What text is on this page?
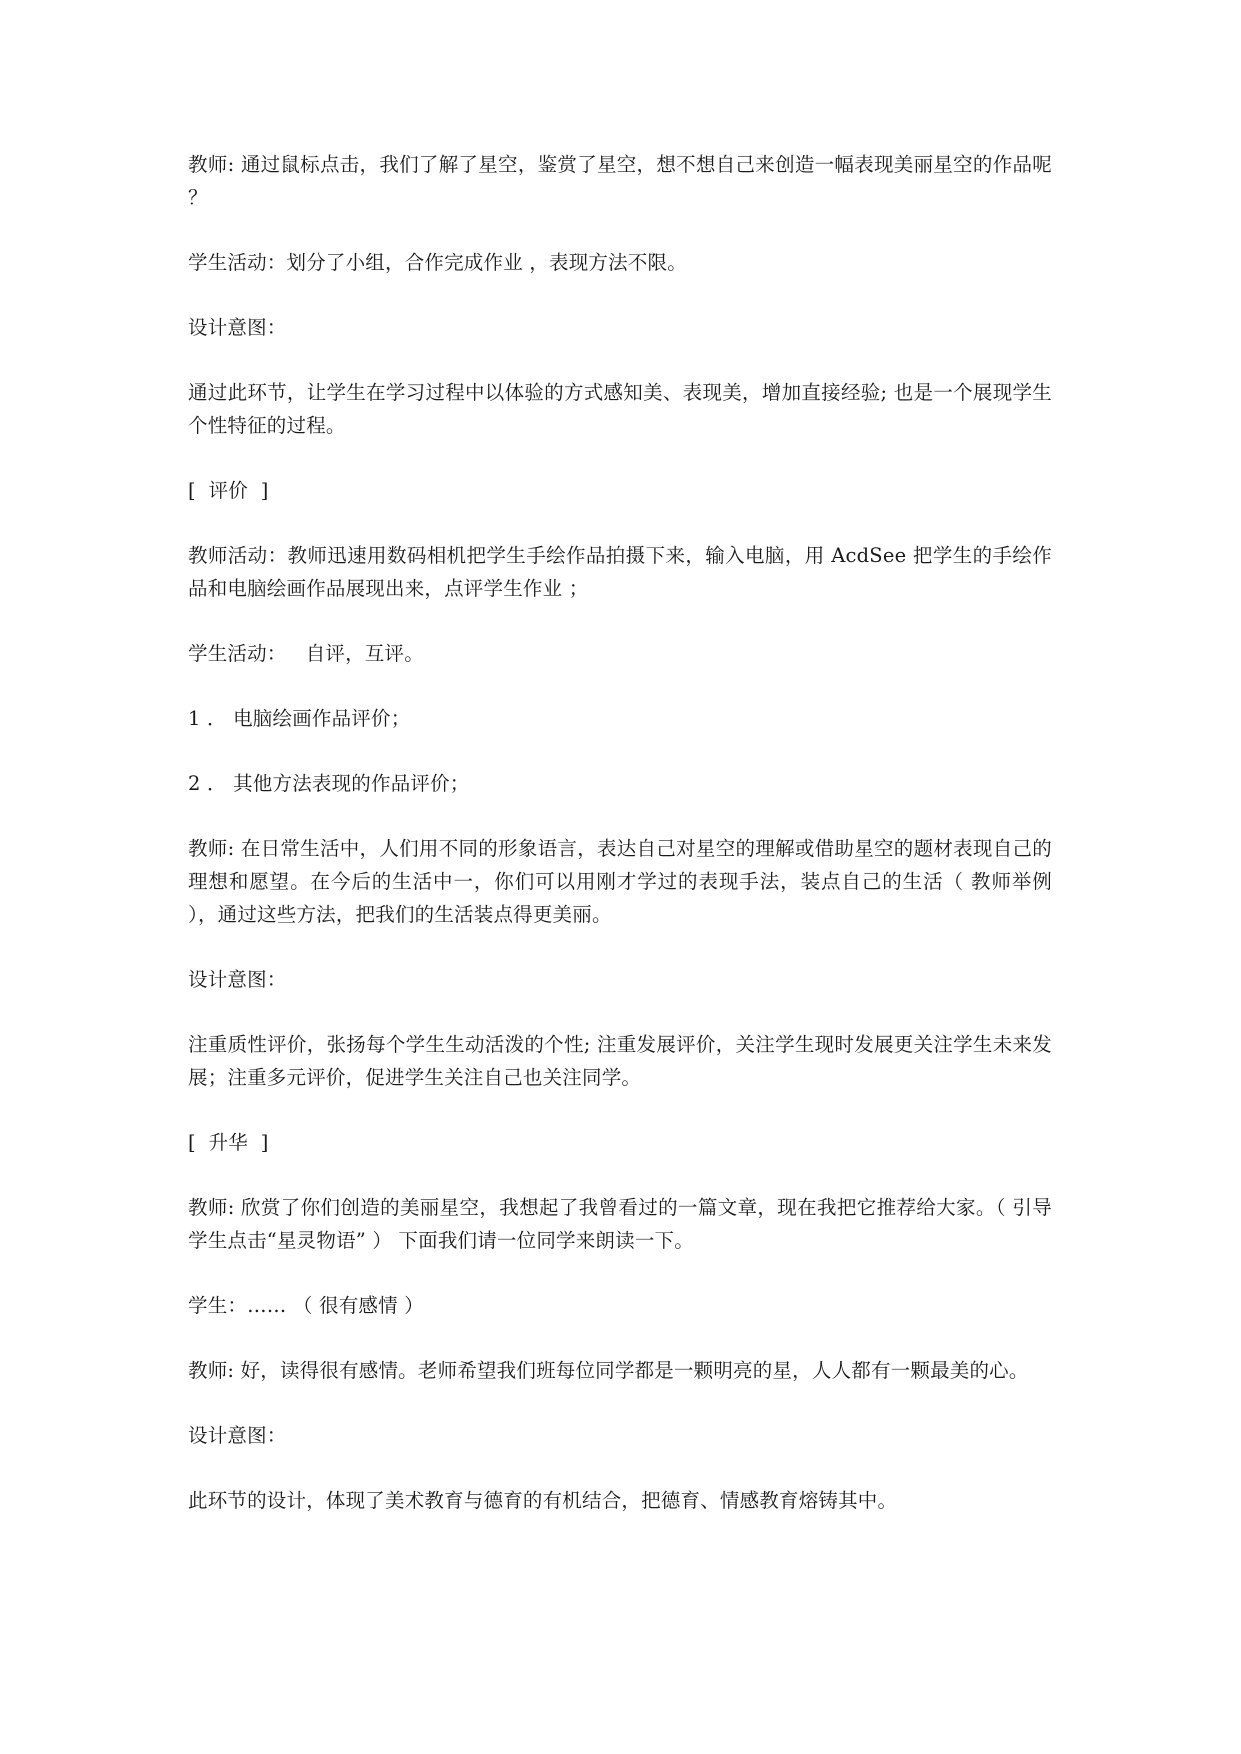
教师: 通过鼠标点击，我们了解了星空，鉴赏了星空，想不想自己来创造一幅表现美丽星空的作品呢 ？

学生活动：划分了小组，合作完成作业 ，表现方法不限。

设计意图：

通过此环节，让学生在学习过程中以体验的方式感知美、表现美，增加直接经验; 也是一个展现学生个性特征的过程。

[  评价  ]

教师活动：教师迅速用数码相机把学生手绘作品拍摄下来，输入电脑，用 AcdSee 把学生的手绘作品和电脑绘画作品展现出来，点评学生作业 ；

学生活动：   自评，互评。

1 ． 电脑绘画作品评价；

2 ． 其他方法表现的作品评价；

教师: 在日常生活中，人们用不同的形象语言，表达自己对星空的理解或借助星空的题材表现自己的理想和愿望。在今后的生活中一，你们可以用刚才学过的表现手法，装点自己的生活（ 教师举例 ），通过这些方法，把我们的生活装点得更美丽。

设计意图：

注重质性评价，张扬每个学生生动活泼的个性; 注重发展评价，关注学生现时发展更关注学生未来发展；注重多元评价，促进学生关注自己也关注同学。

[  升华  ]

教师: 欣赏了你们创造的美丽星空，我想起了我曾看过的一篇文章，现在我把它推荐给大家。（ 引导学生点击“星灵物语” ） 下面我们请一位同学来朗读一下。

学生：…… （ 很有感情 ）

教师: 好，读得很有感情。老师希望我们班每位同学都是一颗明亮的星，人人都有一颗最美的心。

设计意图：

此环节的设计，体现了美术教育与德育的有机结合，把德育、情感教育熔铸其中。
